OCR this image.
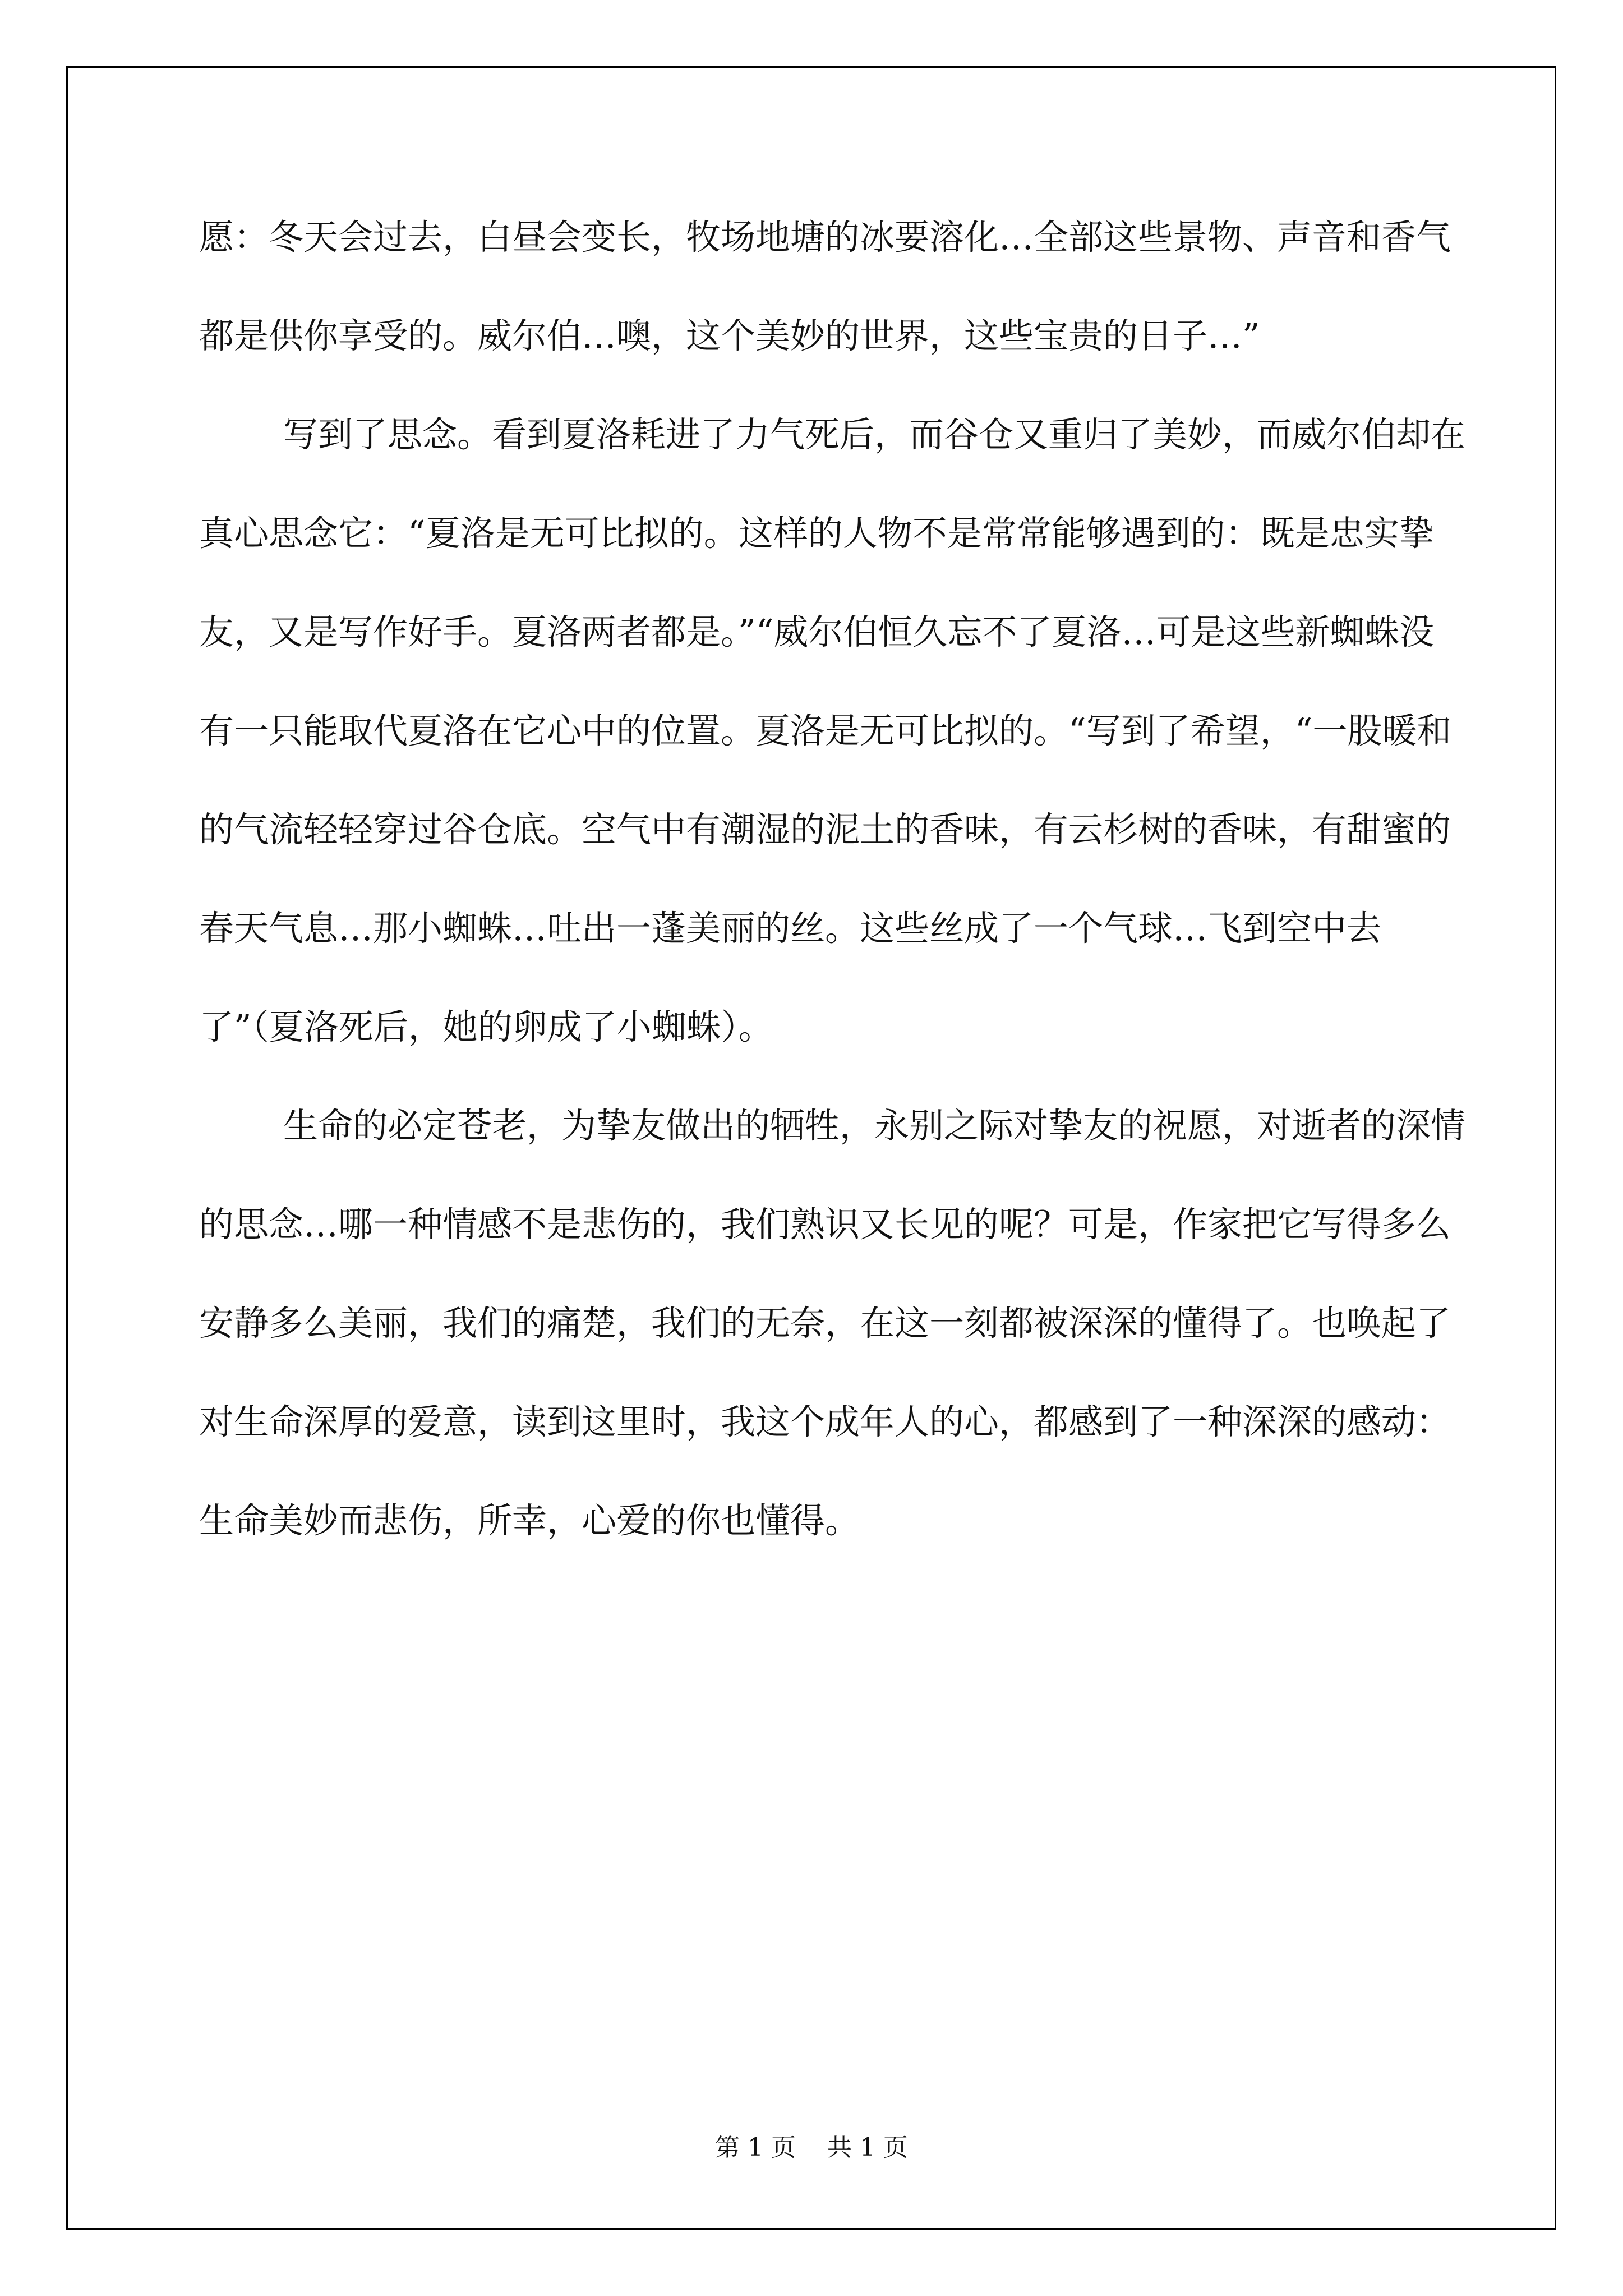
愿：冬天会过去，白昼会变长，牧场地塘的冰要溶化…全部这些景物、声音和香气都是供你享受的。威尔伯…噢，这个美妙的世界，这些宝贵的日子…”

写到了思念。看到夏洛耗进了力气死后，而谷仓又重归了美妙，而威尔伯却在真心思念它：“夏洛是无可比拟的。这样的人物不是常常能够遇到的：既是忠实挚友，又是写作好手。夏洛两者都是。”“威尔伯恒久忘不了夏洛…可是这些新蜘蛛没有一只能取代夏洛在它心中的位置。夏洛是无可比拟的。“写到了希望，“一股暖和的气流轻轻穿过谷仓底。空气中有潮湿的泥土的香味，有云杉树的香味，有甜蜜的春天气息…那小蜘蛛…吐出一蓬美丽的丝。这些丝成了一个气球…飞到空中去了”（夏洛死后，她的卵成了小蜘蛛）。

生命的必定苍老，为挚友做出的牺牲，永别之际对挚友的祝愿，对逝者的深情的思念…哪一种情感不是悲伤的，我们熟识又长见的呢？可是，作家把它写得多么安静多么美丽，我们的痛楚，我们的无奈，在这一刻都被深深的懂得了。也唤起了对生命深厚的爱意，读到这里时，我这个成年人的心，都感到了一种深深的感动：生命美妙而悲伤，所幸，心爱的你也懂得。

第 1 页    共 1 页
